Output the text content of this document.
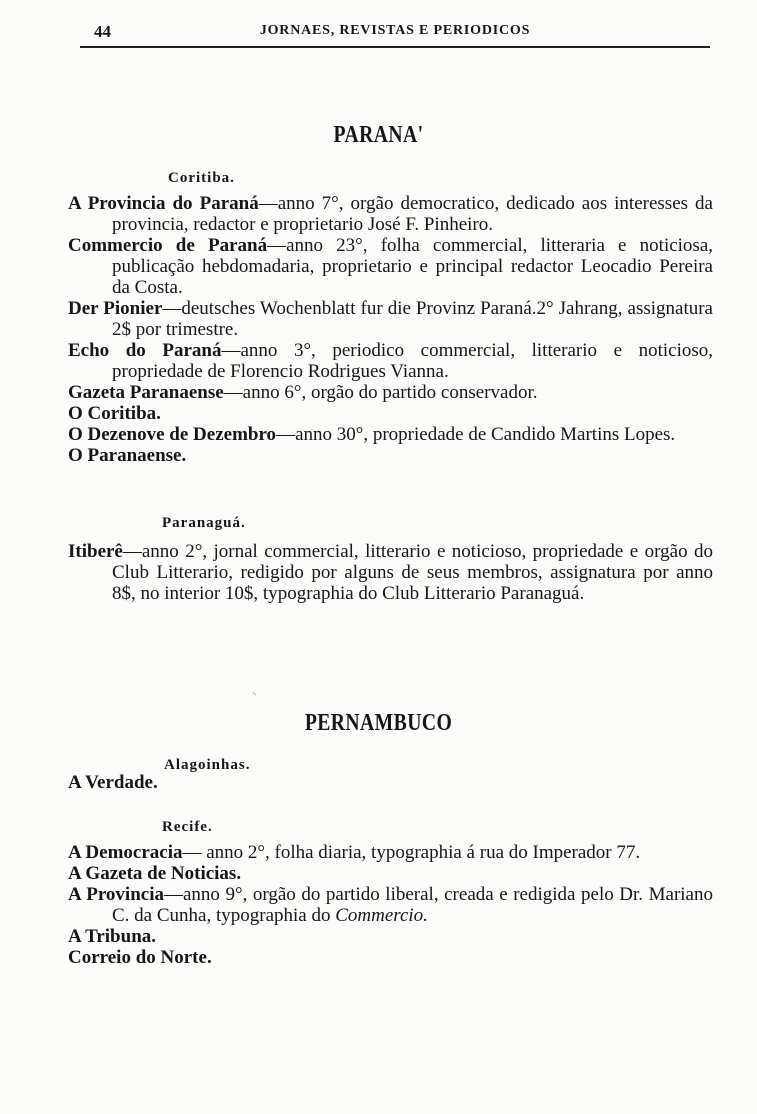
44	JORNAES, REVISTAS E PERIODICOS
PARANA'
Coritiba.

A Provincia do Paraná—anno 7°, orgão democratico, dedicado aos interesses da provincia, redactor e proprietario José F. Pinheiro.

Commercio de Paraná—anno 23°, folha commercial, litteraria e noticiosa, publicação hebdomadaria, proprietario e principal redactor Leocadio Pereira da Costa.

Der Pionier—deutsches Wochenblatt fur die Provinz Paraná.2° Jahrang, assignatura 2$ por trimestre.

Echo do Paraná—anno 3°, periodico commercial, litterario e noticioso, propriedade de Florencio Rodrigues Vianna.

Gazeta Paranaense—anno 6°, orgão do partido conservador.

O Coritiba.

O Dezenove de Dezembro—anno 30°, propriedade de Candido Martins Lopes.

O Paranaense.

Paranaguá.

Itiberê—anno 2°, jornal commercial, litterario e noticioso, propriedade e orgão do Club Litterario, redigido por alguns de seus membros, assignatura por anno 8$, no interior 10$, typographia do Club Litterario Paranaguá.

⸌
PERNAMBUCO
Alagoinhas.

A Verdade.

Recife.

A Democracia— anno 2°, folha diaria, typographia á rua do Imperador 77.

A Gazeta de Noticias.

A Provincia—anno 9°, orgão do partido liberal, creada e redigida pelo Dr. Mariano C. da Cunha, typographia do Commercio.

A Tribuna.

Correio do Norte.
